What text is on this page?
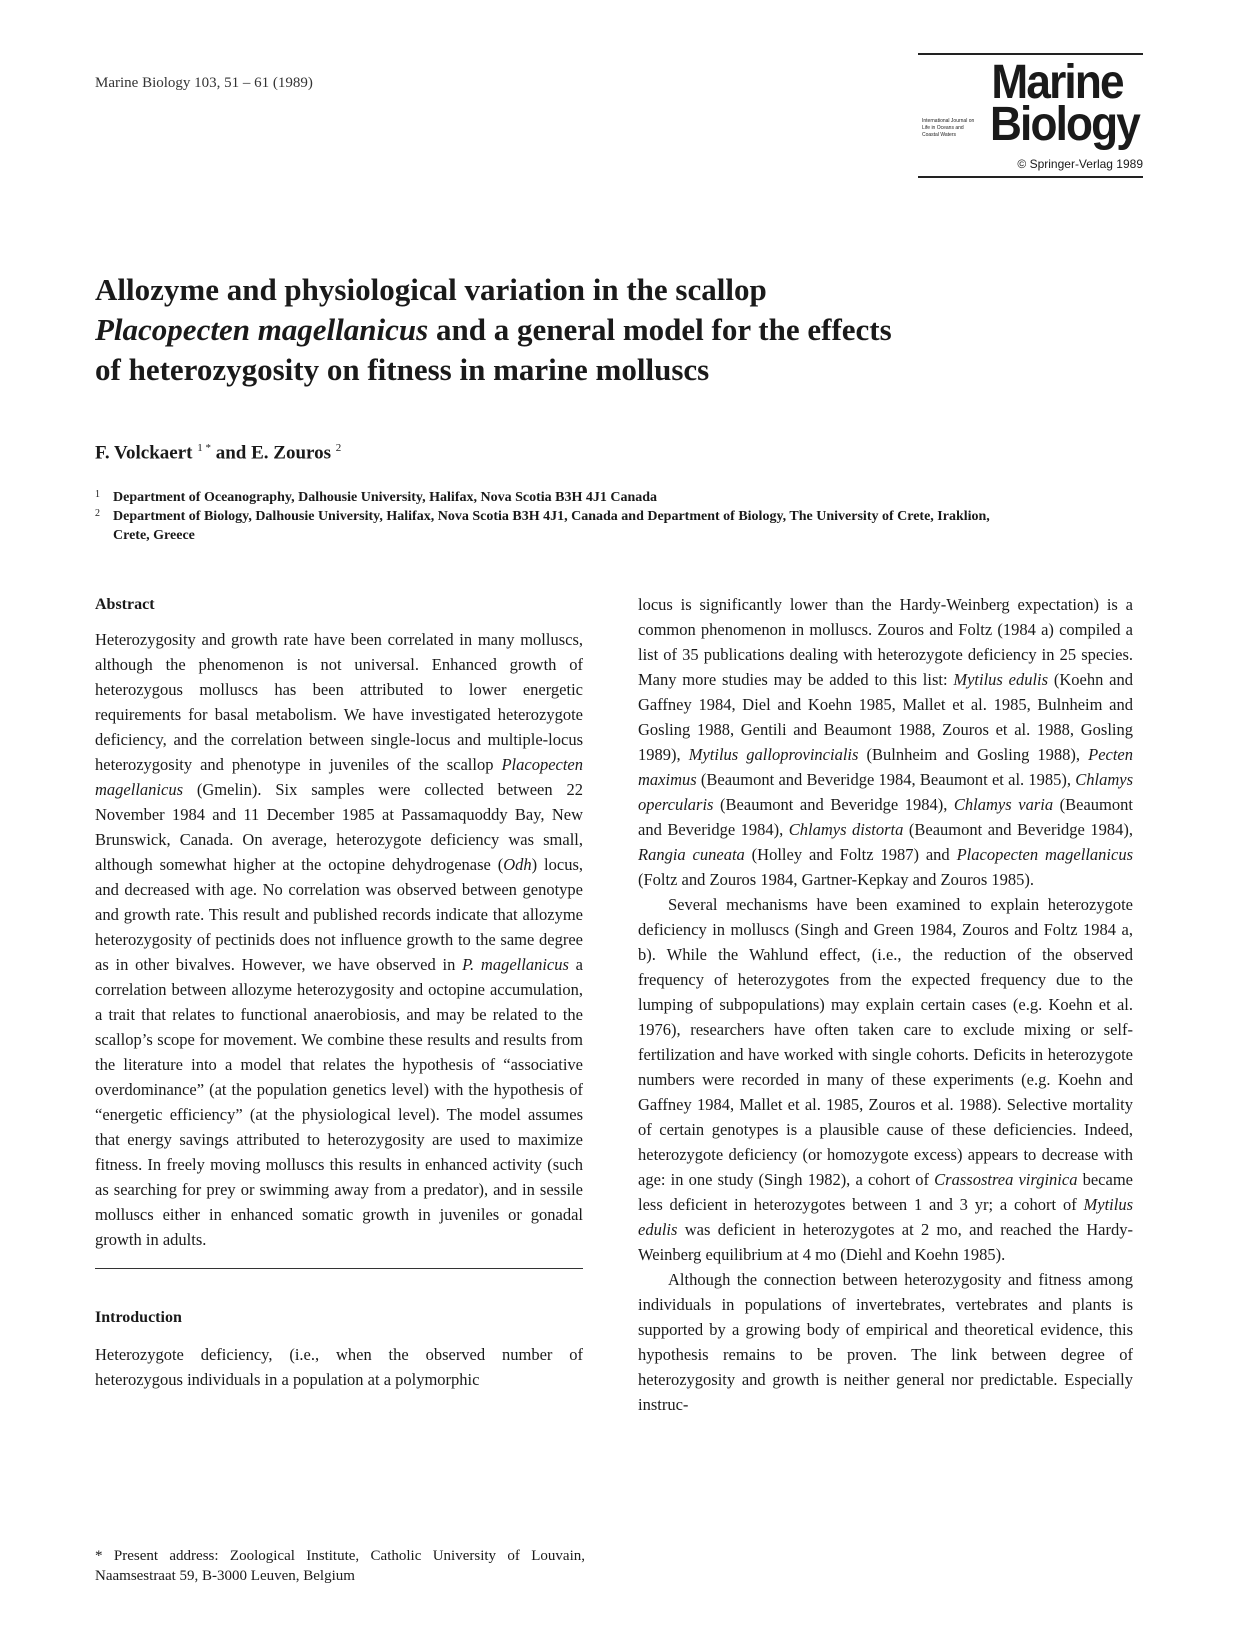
Marine Biology 103, 51 – 61 (1989)	Marine
International Journal on Life in Oceans and Coastal Waters Biology
© Springer-Verlag 1989
Allozyme and physiological variation in the scallop
Placopecten magellanicus and a general model for the effects
of heterozygosity on fitness in marine molluscs
F. Volckaert $^{1 *}$ and E. Zouros $^2$
1 Department of Oceanography, Dalhousie University, Halifax, Nova Scotia B3H 4J1 Canada
2 Department of Biology, Dalhousie University, Halifax, Nova Scotia B3H 4J1, Canada and Department of Biology, The University of Crete, Iraklion, Crete, Greece
Abstract

Heterozygosity and growth rate have been correlated in many molluscs, although the phenomenon is not universal. Enhanced growth of heterozygous molluscs has been attributed to lower energetic requirements for basal metabolism. We have investigated heterozygote deficiency, and the correlation between single-locus and multiple-locus heterozygosity and phenotype in juveniles of the scallop Placopecten magellanicus (Gmelin). Six samples were collected between 22 November 1984 and 11 December 1985 at Passamaquoddy Bay, New Brunswick, Canada. On average, heterozygote deficiency was small, although somewhat higher at the octopine dehydrogenase (Odh) locus, and decreased with age. No correlation was observed between genotype and growth rate. This result and published records indicate that allozyme heterozygosity of pectinids does not influence growth to the same degree as in other bivalves. However, we have observed in P. magellanicus a correlation between allozyme heterozygosity and octopine accumulation, a trait that relates to functional anaerobiosis, and may be related to the scallop’s scope for movement. We combine these results and results from the literature into a model that relates the hypothesis of “associative overdominance” (at the population genetics level) with the hypothesis of “energetic efficiency” (at the physiological level). The model assumes that energy savings attributed to heterozygosity are used to maximize fitness. In freely moving molluscs this results in enhanced activity (such as searching for prey or swimming away from a predator), and in sessile molluscs either in enhanced somatic growth in juveniles or gonadal growth in adults.

Introduction

Heterozygote deficiency, (i.e., when the observed number of heterozygous individuals in a population at a polymorphic

* Present address: Zoological Institute, Catholic University of Louvain, Naamsestraat 59, B-3000 Leuven, Belgium

locus is significantly lower than the Hardy-Weinberg expectation) is a common phenomenon in molluscs. Zouros and Foltz (1984 a) compiled a list of 35 publications dealing with heterozygote deficiency in 25 species. Many more studies may be added to this list: Mytilus edulis (Koehn and Gaffney 1984, Diel and Koehn 1985, Mallet et al. 1985, Bulnheim and Gosling 1988, Gentili and Beaumont 1988, Zouros et al. 1988, Gosling 1989), Mytilus galloprovincialis (Bulnheim and Gosling 1988), Pecten maximus (Beaumont and Beveridge 1984, Beaumont et al. 1985), Chlamys opercularis (Beaumont and Beveridge 1984), Chlamys varia (Beaumont and Beveridge 1984), Chlamys distorta (Beaumont and Beveridge 1984), Rangia cuneata (Holley and Foltz 1987) and Placopecten magellanicus (Foltz and Zouros 1984, Gartner-Kepkay and Zouros 1985).

Several mechanisms have been examined to explain heterozygote deficiency in molluscs (Singh and Green 1984, Zouros and Foltz 1984 a, b). While the Wahlund effect, (i.e., the reduction of the observed frequency of heterozygotes from the expected frequency due to the lumping of subpopulations) may explain certain cases (e.g. Koehn et al. 1976), researchers have often taken care to exclude mixing or self-fertilization and have worked with single cohorts. Deficits in heterozygote numbers were recorded in many of these experiments (e.g. Koehn and Gaffney 1984, Mallet et al. 1985, Zouros et al. 1988). Selective mortality of certain genotypes is a plausible cause of these deficiencies. Indeed, heterozygote deficiency (or homozygote excess) appears to decrease with age: in one study (Singh 1982), a cohort of Crassostrea virginica became less deficient in heterozygotes between 1 and 3 yr; a cohort of Mytilus edulis was deficient in heterozygotes at 2 mo, and reached the Hardy-Weinberg equilibrium at 4 mo (Diehl and Koehn 1985).

Although the connection between heterozygosity and fitness among individuals in populations of invertebrates, vertebrates and plants is supported by a growing body of empirical and theoretical evidence, this hypothesis remains to be proven. The link between degree of heterozygosity and growth is neither general nor predictable. Especially instruc-
